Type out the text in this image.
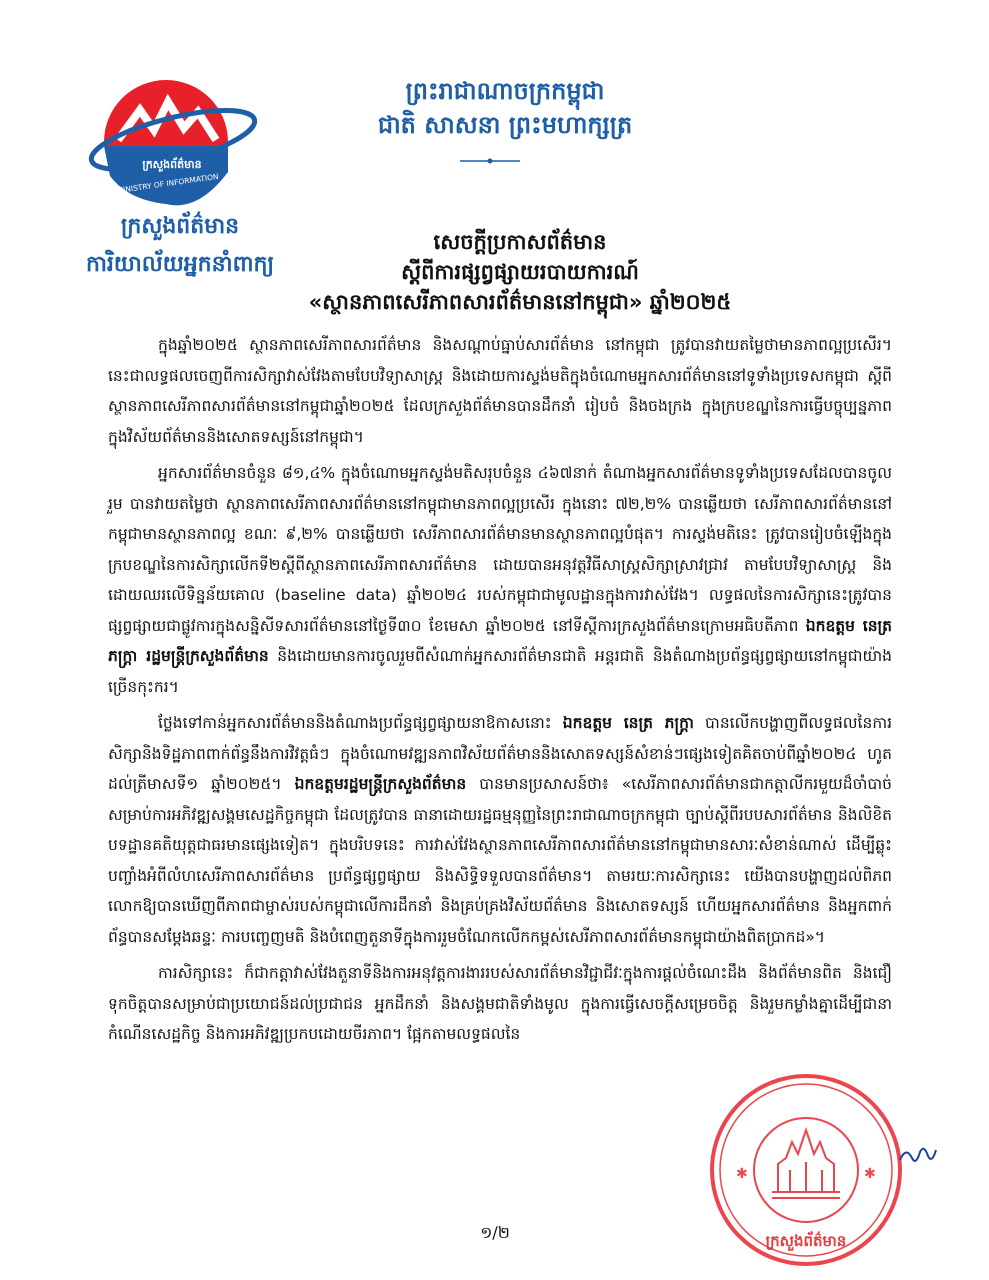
ក្រសួងព័ត៌មាន
MINISTRY OF INFORMATION
ក្រសួងព័ត៌មាន
ការិយាល័យអ្នកនាំពាក្យ
ព្រះរាជាណាចក្រកម្ពុជា
ជាតិ សាសនា ព្រះមហាក្សត្រ
សេចក្តីប្រកាសព័ត៌មាន
ស្តីពីការផ្សព្វផ្សាយរបាយការណ៍
«ស្ថានភាពសេរីភាពសារព័ត៌មាននៅកម្ពុជា» ឆ្នាំ២០២៥

ក្នុងឆ្នាំ២០២៥ ស្ថានភាពសេរីភាពសារព័ត៌មាន និងសណ្តាប់ធ្នាប់សារព័ត៌មាន នៅកម្ពុជា ត្រូវបានវាយតម្លៃថាមានភាពល្អប្រសើរ។ នេះជាលទ្ធផលចេញពីការសិក្សាវាស់វែងតាមបែបវិទ្យាសាស្ត្រ និងដោយការស្ទង់មតិក្នុងចំណោមអ្នកសារព័ត៌មាននៅទូទាំងប្រទេសកម្ពុជា ស្តីពីស្ថានភាពសេរីភាពសារព័ត៌មាននៅកម្ពុជាឆ្នាំ២០២៥ ដែលក្រសួងព័ត៌មានបានដឹកនាំ រៀបចំ និងចងក្រង ក្នុងក្របខណ្ឌនៃការធ្វើបច្ចុប្បន្នភាពក្នុងវិស័យព័ត៌មាននិងសោតទស្សន៍នៅកម្ពុជា។

អ្នកសារព័ត៌មានចំនួន ៨១,៤% ក្នុងចំណោមអ្នកស្ទង់មតិសរុបចំនួន ៤៦៧នាក់ តំណាងអ្នកសារព័ត៌មានទូទាំងប្រទេសដែលបានចូលរួម បានវាយតម្លៃថា ស្ថានភាពសេរីភាពសារព័ត៌មាននៅកម្ពុជាមានភាពល្អប្រសើរ ក្នុងនោះ ៧២,២% បានឆ្លើយថា សេរីភាពសារព័ត៌មាននៅកម្ពុជាមានស្ថានភាពល្អ ខណៈ ៩,២% បានឆ្លើយថា សេរីភាពសារព័ត៌មានមានស្ថានភាពល្អបំផុត។ ការស្ទង់មតិនេះ ត្រូវបានរៀបចំឡើងក្នុងក្របខណ្ឌនៃការសិក្សាលើកទី២ស្តីពីស្ថានភាពសេរីភាពសារព័ត៌មាន ដោយបានអនុវត្តវិធីសាស្ត្រសិក្សាស្រាវជ្រាវ តាមបែបវិទ្យាសាស្ត្រ និងដោយឈរលើទិន្នន័យគោល (baseline data) ឆ្នាំ២០២៤ របស់កម្ពុជាជាមូលដ្ឋានក្នុងការវាស់វែង។ លទ្ធផលនៃការសិក្សានេះត្រូវបានផ្សព្វផ្សាយជាផ្លូវការក្នុងសន្និសីទសារព័ត៌មាននៅថ្ងៃទី៣០ ខែមេសា ឆ្នាំ២០២៥ នៅទីស្តីការក្រសួងព័ត៌មានក្រោមអធិបតីភាព ឯកឧត្តម នេត្រ ភក្ត្រា រដ្ឋមន្ត្រីក្រសួងព័ត៌មាន និងដោយមានការចូលរួមពីសំណាក់អ្នកសារព័ត៌មានជាតិ អន្តរជាតិ និងតំណាងប្រព័ន្ធផ្សព្វផ្សាយនៅកម្ពុជាយ៉ាងច្រើនកុះករ។

ថ្លែងទៅកាន់អ្នកសារព័ត៌មាននិងតំណាងប្រព័ន្ធផ្សព្វផ្សាយនាឱកាសនោះ ឯកឧត្តម នេត្រ ភក្ត្រា បានលើកបង្ហាញពីលទ្ធផលនៃការសិក្សានិងទិដ្ឋភាពពាក់ព័ន្ធនឹងការវិវត្តធំៗ ក្នុងចំណោមវឌ្ឍនភាពវិស័យព័ត៌មាននិងសោតទស្សន៍សំខាន់ៗផ្សេងទៀតគិតចាប់ពីឆ្នាំ២០២៤ ហូតដល់ត្រីមាសទី១ ឆ្នាំ២០២៥។ ឯកឧត្តមរដ្ឋមន្ត្រីក្រសួងព័ត៌មាន បានមានប្រសាសន៍ថា៖ «សេរីភាពសារព័ត៌មានជាកត្តាលីករមួយដ៏ចាំបាច់សម្រាប់ការអភិវឌ្ឍសង្គមសេដ្ឋកិច្ចកម្ពុជា ដែលត្រូវបាន ធានាដោយរដ្ឋធម្មនុញ្ញនៃព្រះរាជាណាចក្រកម្ពុជា ច្បាប់ស្តីពីរបបសារព័ត៌មាន និងលិខិតបទដ្ឋានគតិយុត្តជាធរមានផ្សេងទៀត។ ក្នុងបរិបទនេះ ការវាស់វែងស្ថានភាពសេរីភាពសារព័ត៌មាននៅកម្ពុជាមានសារៈសំខាន់ណាស់ ដើម្បីឆ្លុះបញ្ចាំងអំពីលំហសេរីភាពសារព័ត៌មាន ប្រព័ន្ធផ្សព្វផ្សាយ និងសិទ្ធិទទួលបានព័ត៌មាន។ តាមរយៈការសិក្សានេះ យើងបានបង្ហាញដល់ពិភពលោកឱ្យបានឃើញពីភាពជាម្ចាស់របស់កម្ពុជាលើការដឹកនាំ និងគ្រប់គ្រងវិស័យព័ត៌មាន និងសោតទស្សន៍ ហើយអ្នកសារព័ត៌មាន និងអ្នកពាក់ព័ន្ធបានសម្តែងឆន្ទៈ ការបញ្ចេញមតិ និងបំពេញតួនាទីក្នុងការរួមចំណែកលើកកម្ពស់សេរីភាពសារព័ត៌មានកម្ពុជាយ៉ាងពិតប្រាកដ»។

ការសិក្សានេះ ក៏ជាកត្តាវាស់វែងតួនាទីនិងការអនុវត្តការងាររបស់សារព័ត៌មានវិជ្ជាជីវៈក្នុងការផ្តល់ចំណេះដឹង និងព័ត៌មានពិត និងជឿទុកចិត្តបានសម្រាប់ជាប្រយោជន៍ដល់ប្រជាជន អ្នកដឹកនាំ និងសង្គមជាតិទាំងមូល ក្នុងការធ្វើសេចក្តីសម្រេចចិត្ត និងរួមកម្លាំងគ្នាដើម្បីជានាកំណើនសេដ្ឋកិច្ច និងការអភិវឌ្ឍប្រកបដោយចីរភាព។ ផ្អែកតាមលទ្ធផលនៃ

✱	✱
ក្រសួងព័ត៌មាន
១/២
